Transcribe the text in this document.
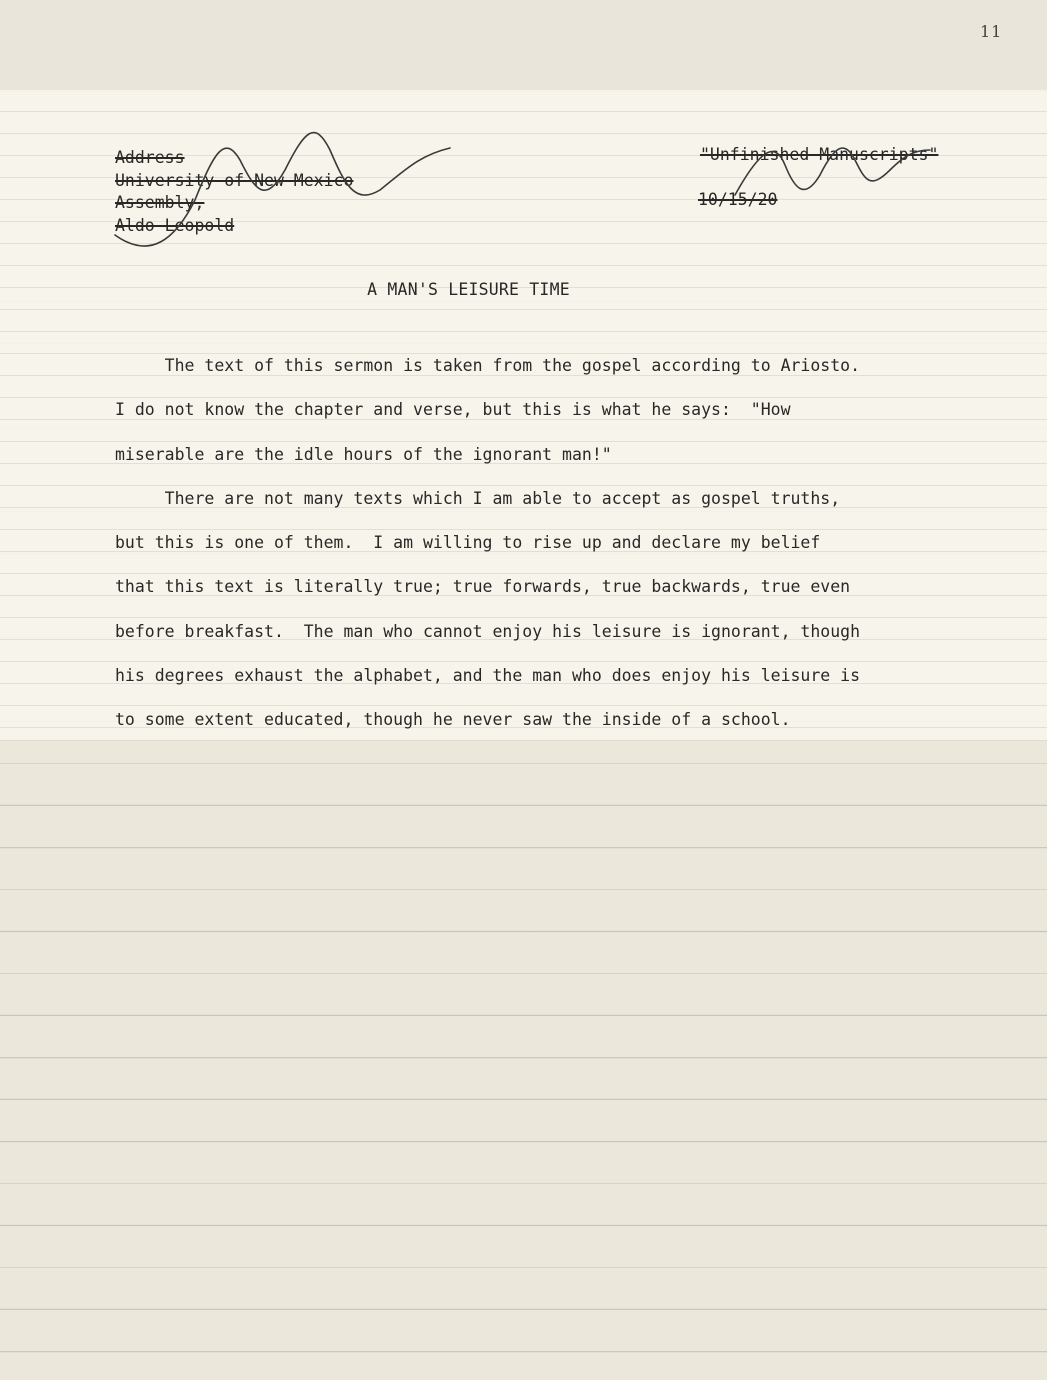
11
Address
University of New Mexico
Assembly,
Aldo Leopold
"Unfinished Manuscripts"
10/15/20
A MAN'S LEISURE TIME
The text of this sermon is taken from the gospel according to Ariosto.
I do not know the chapter and verse, but this is what he says:  "How
miserable are the idle hours of the ignorant man!"
There are not many texts which I am able to accept as gospel truths,
but this is one of them.  I am willing to rise up and declare my belief
that this text is literally true; true forwards, true backwards, true even
before breakfast.  The man who cannot enjoy his leisure is ignorant, though
his degrees exhaust the alphabet, and the man who does enjoy his leisure is
to some extent educated, though he never saw the inside of a school.
